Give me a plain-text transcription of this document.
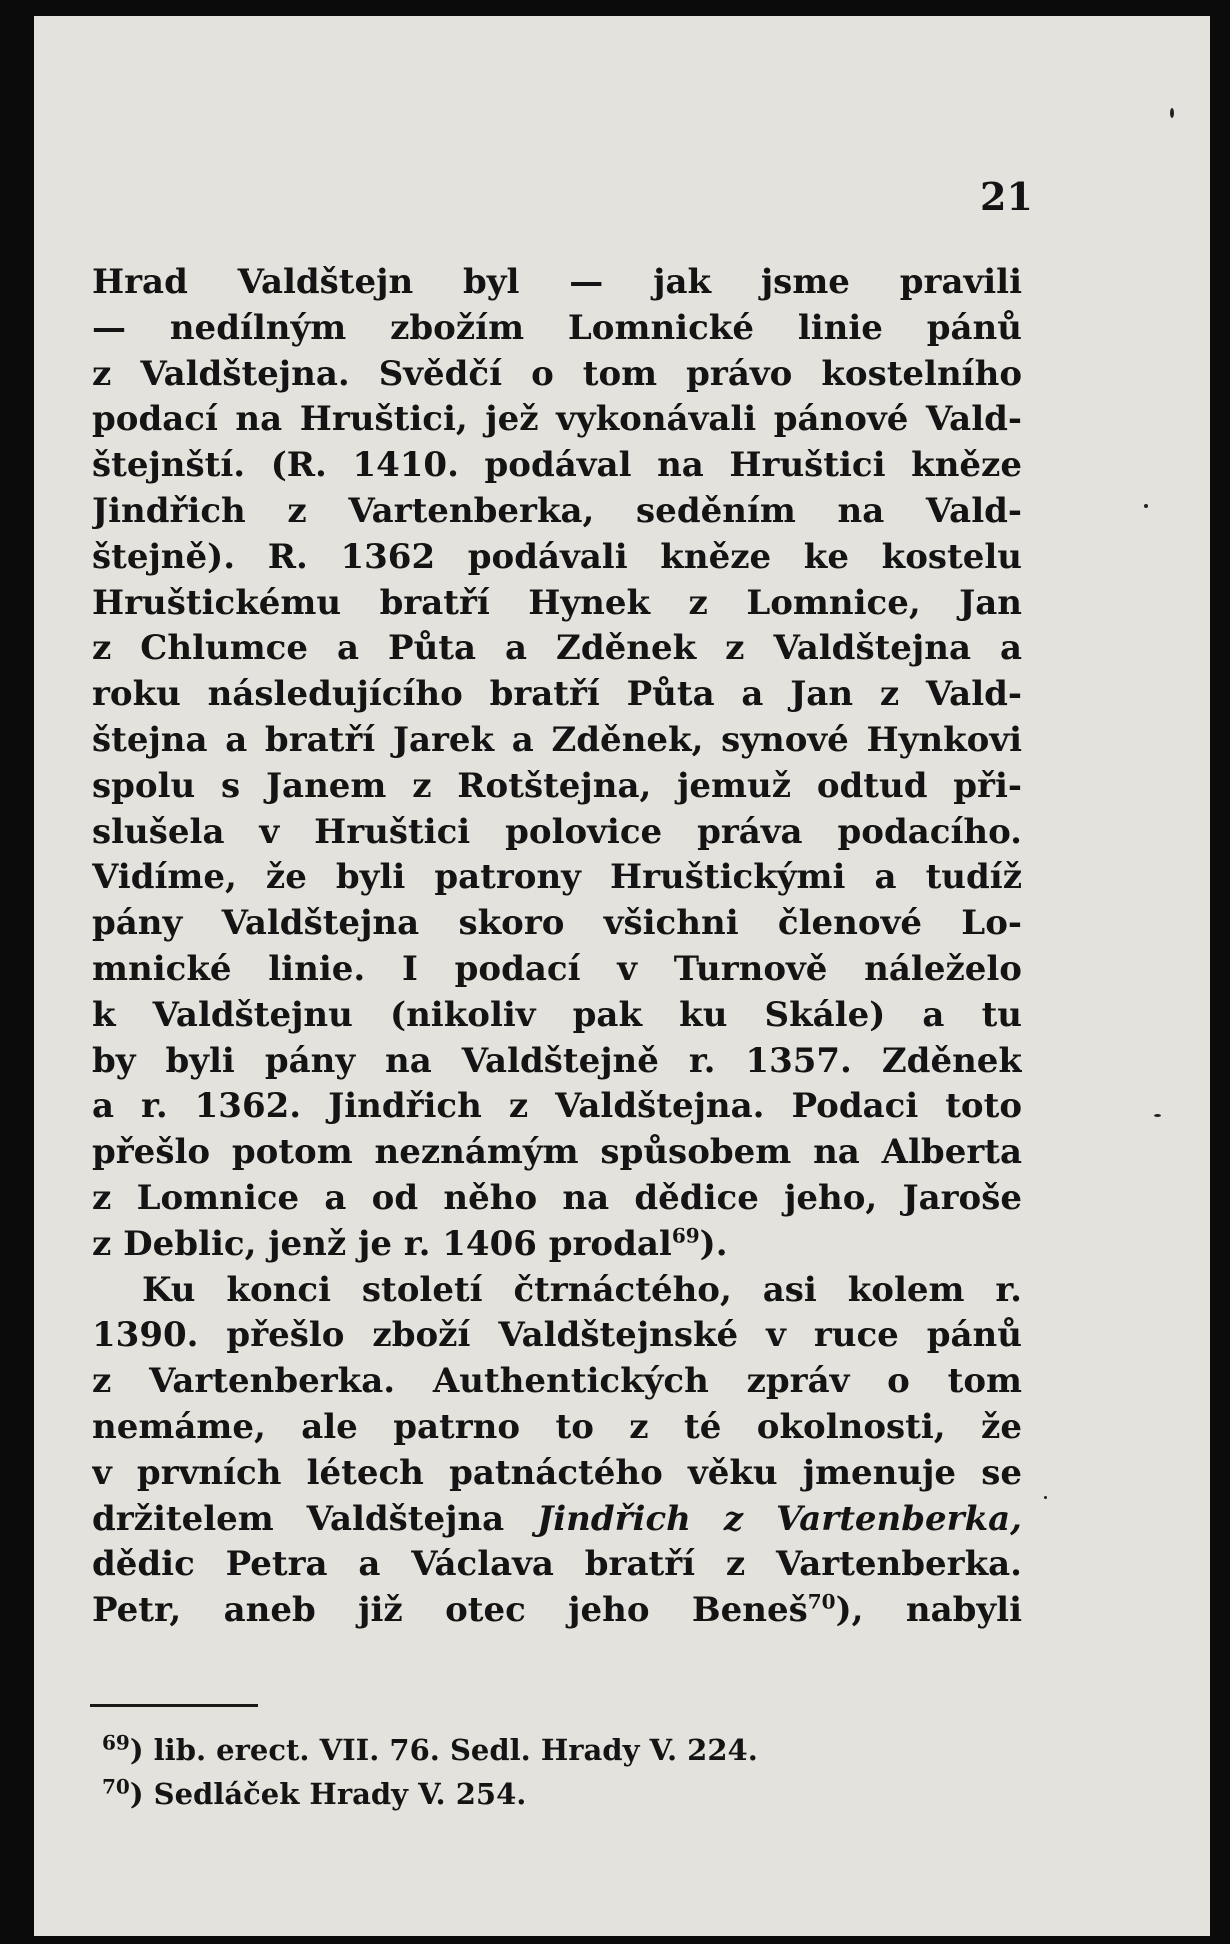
21
Hrad Valdštejn byl — jak jsme pravili
— nedílným zbožím Lomnické linie pánů
z Valdštejna. Svědčí o tom právo kostelního
podací na Hruštici, jež vykonávali pánové Vald-
štejnští. (R. 1410. podával na Hruštici kněze
Jindřich z Vartenberka, seděním na Vald-
štejně). R. 1362 podávali kněze ke kostelu
Hruštickému bratří Hynek z Lomnice, Jan
z Chlumce a Půta a Zděnek z Valdštejna a
roku následujícího bratří Půta a Jan z Vald-
štejna a bratří Jarek a Zděnek, synové Hynkovi
spolu s Janem z Rotštejna, jemuž odtud při-
slušela v Hruštici polovice práva podacího.
Vidíme, že byli patrony Hruštickými a tudíž
pány Valdštejna skoro všichni členové Lo-
mnické linie. I podací v Turnově náleželo
k Valdštejnu (nikoliv pak ku Skále) a tu
by byli pány na Valdštejně r. 1357. Zděnek
a r. 1362. Jindřich z Valdštejna. Podaci toto
přešlo potom neznámým spůsobem na Alberta
z Lomnice a od něho na dědice jeho, Jaroše
z Deblic, jenž je r. 1406 prodal$^{69}$).
Ku konci století čtrnáctého, asi kolem r.
1390. přešlo zboží Valdštejnské v ruce pánů
z Vartenberka. Authentických zpráv o tom
nemáme, ale patrno to z té okolnosti, že
v prvních létech patnáctého věku jmenuje se
držitelem Valdštejna Jindřich z Vartenberka,
dědic Petra a Václava bratří z Vartenberka.
Petr, aneb již otec jeho Beneš$^{70}$), nabyli
$^{69}$) lib. erect. VII. 76. Sedl. Hrady V. 224.
$^{70}$) Sedláček Hrady V. 254.
